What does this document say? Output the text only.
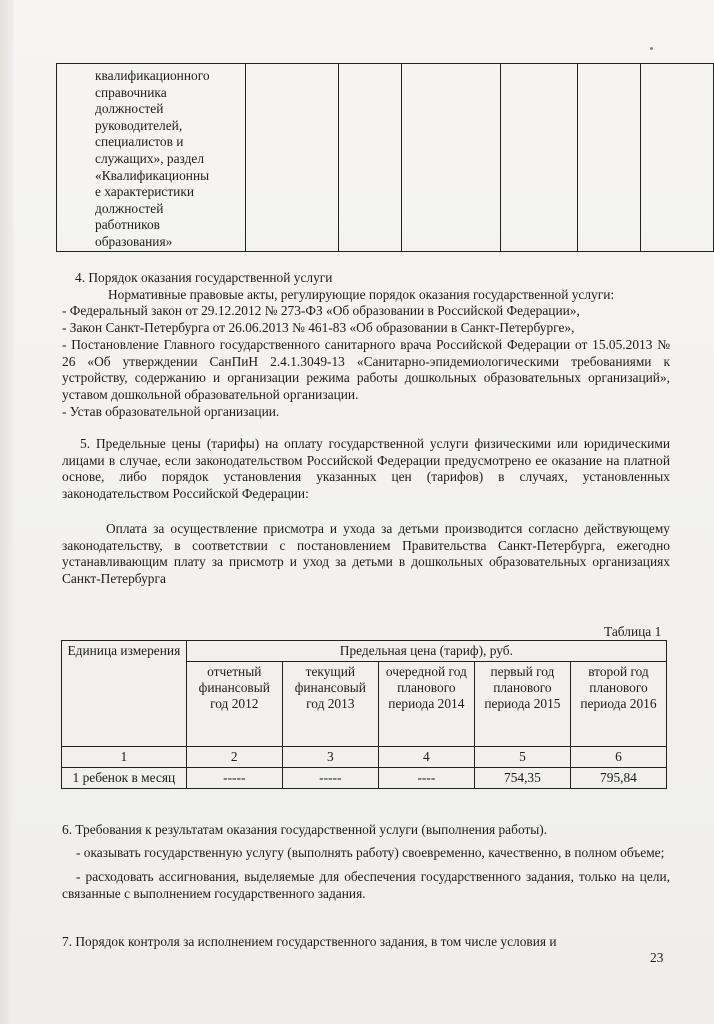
квалификационного
справочника
должностей
руководителей,
специалистов и
служащих», раздел
«Квалификационны
е характеристики
должностей
работников
образования»

4. Порядок оказания государственной услуги

Нормативные правовые акты, регулирующие порядок оказания государственной услуги:

- Федеральный закон от 29.12.2012 № 273-ФЗ «Об образовании в Российской Федерации»,

- Закон Санкт-Петербурга от 26.06.2013 № 461-83 «Об образовании в Санкт-Петербурге»,

- Постановление Главного государственного санитарного врача Российской Федерации от 15.05.2013 № 26 «Об утверждении СанПиН 2.4.1.3049-13 «Санитарно-эпидемиологическими требованиями к устройству, содержанию и организации режима работы дошкольных образовательных организаций», уставом дошкольной образовательной организации.

- Устав образовательной организации.

5. Предельные цены (тарифы) на оплату государственной услуги физическими или юридическими лицами в случае, если законодательством Российской Федерации предусмотрено ее оказание на платной основе, либо порядок установления указанных цен (тарифов) в случаях, установленных законодательством Российской Федерации:
Оплата за осуществление присмотра и ухода за детьми производится согласно действующему законодательству, в соответствии с постановлением Правительства Санкт-Петербурга, ежегодно устанавливающим плату за присмотр и уход за детьми в дошкольных образовательных организациях Санкт-Петербурга
Таблица 1
Единица измерения	Предельная цена (тариф), руб.				
	отчетный финансовый год 2012	текущий финансовый год 2013	очередной год планового периода 2014	первый год планового периода 2015	второй год планового периода 2016
1	2	3	4	5	6
1 ребенок в месяц	-----	-----	----	754,35	795,84

6. Требования к результатам оказания государственной услуги (выполнения работы).

- оказывать государственную услугу (выполнять работу) своевременно, качественно, в полном объеме;

- расходовать ассигнования, выделяемые для обеспечения государственного задания, только на цели, связанные с выполнением государственного задания.

7. Порядок контроля за исполнением государственного задания, в том числе условия и
23
